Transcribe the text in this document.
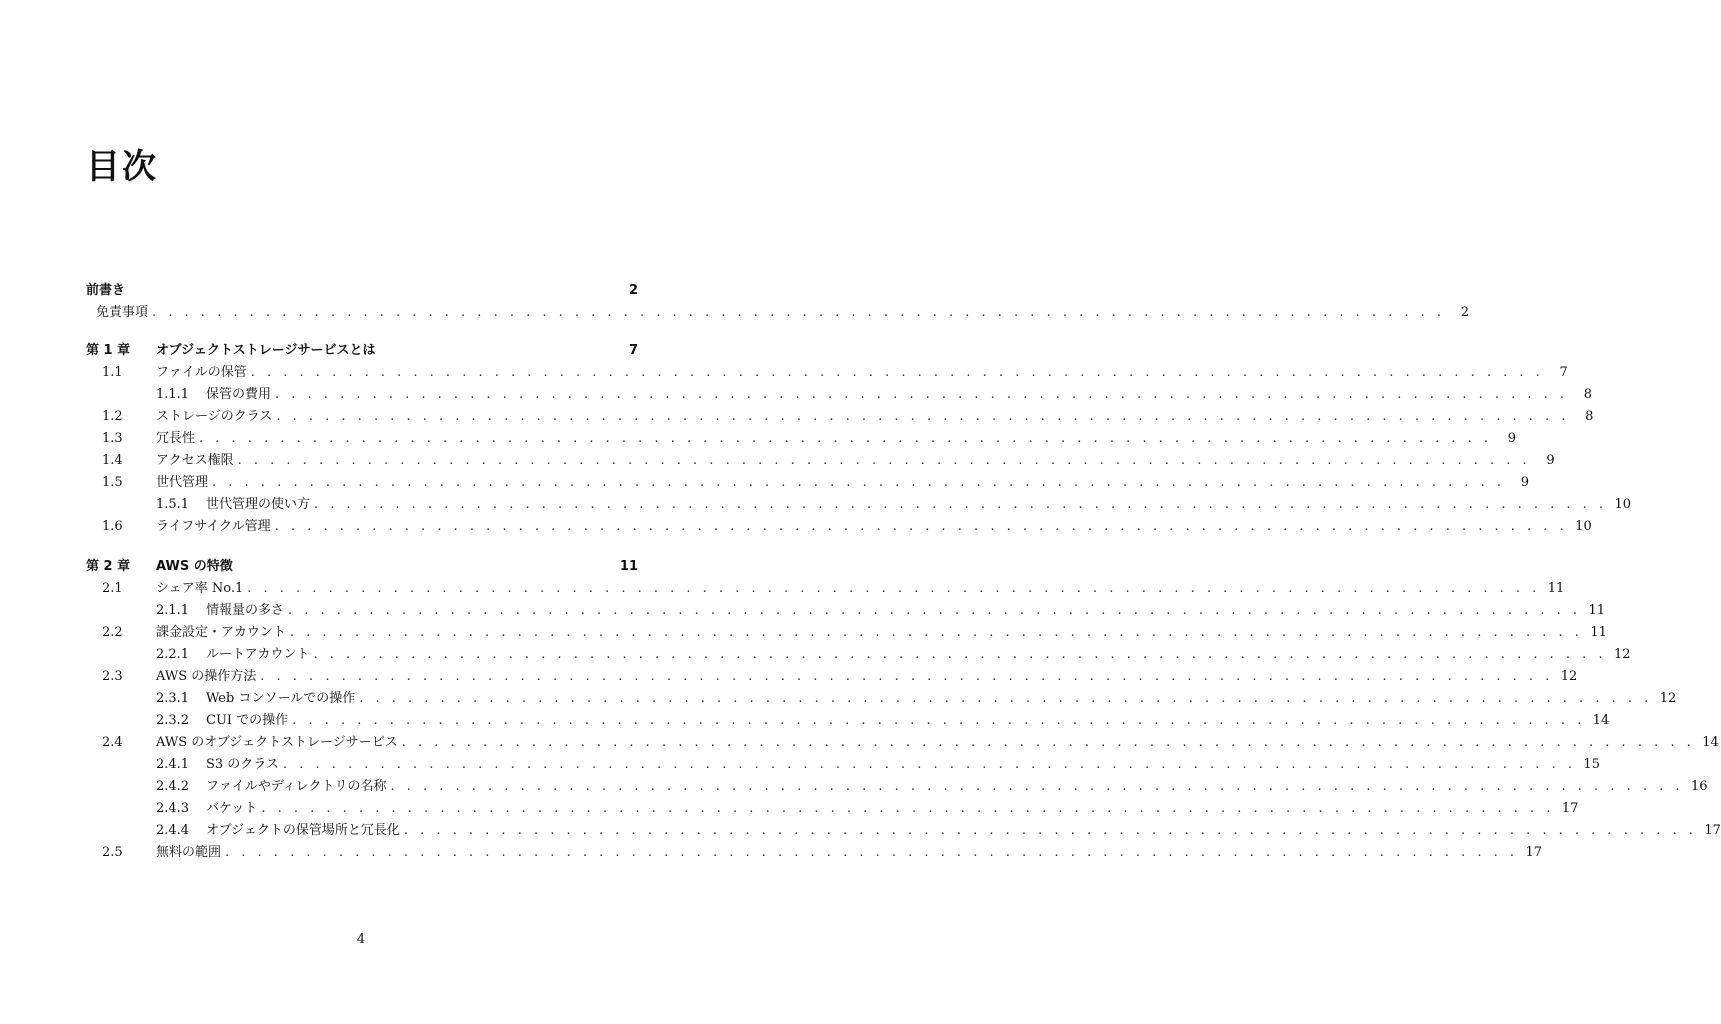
目次
前書き	2
免責事項 . . . . . . . . . . . . . . . . . . . . . . . . . . . . . . . . . . . . . . . . . . . . . . . . . . . . . . . . . . . . . . . . . . . . . . . . . . . . . . . .	2
第 1 章	オブジェクトストレージサービスとは	7
1.1	ファイルの保管 . . . . . . . . . . . . . . . . . . . . . . . . . . . . . . . . . . . . . . . . . . . . . . . . . . . . . . . . . . . . . . . . . . . . . . . . . . . . . . . .	7
1.1.1	保管の費用 . . . . . . . . . . . . . . . . . . . . . . . . . . . . . . . . . . . . . . . . . . . . . . . . . . . . . . . . . . . . . . . . . . . . . . . . . . . . . . . .	8
1.2	ストレージのクラス . . . . . . . . . . . . . . . . . . . . . . . . . . . . . . . . . . . . . . . . . . . . . . . . . . . . . . . . . . . . . . . . . . . . . . . . . . . . . . . .	8
1.3	冗長性 . . . . . . . . . . . . . . . . . . . . . . . . . . . . . . . . . . . . . . . . . . . . . . . . . . . . . . . . . . . . . . . . . . . . . . . . . . . . . . . .	9
1.4	アクセス権限 . . . . . . . . . . . . . . . . . . . . . . . . . . . . . . . . . . . . . . . . . . . . . . . . . . . . . . . . . . . . . . . . . . . . . . . . . . . . . . . .	9
1.5	世代管理 . . . . . . . . . . . . . . . . . . . . . . . . . . . . . . . . . . . . . . . . . . . . . . . . . . . . . . . . . . . . . . . . . . . . . . . . . . . . . . . .	9
1.5.1	世代管理の使い方 . . . . . . . . . . . . . . . . . . . . . . . . . . . . . . . . . . . . . . . . . . . . . . . . . . . . . . . . . . . . . . . . . . . . . . . . . . . . . . . . 10
1.6	ライフサイクル管理 . . . . . . . . . . . . . . . . . . . . . . . . . . . . . . . . . . . . . . . . . . . . . . . . . . . . . . . . . . . . . . . . . . . . . . . . . . . . . . . . 10
第 2 章	AWS の特徴	11
2.1	シェア率 No.1 . . . . . . . . . . . . . . . . . . . . . . . . . . . . . . . . . . . . . . . . . . . . . . . . . . . . . . . . . . . . . . . . . . . . . . . . . . . . . . . . 11
2.1.1	情報量の多さ . . . . . . . . . . . . . . . . . . . . . . . . . . . . . . . . . . . . . . . . . . . . . . . . . . . . . . . . . . . . . . . . . . . . . . . . . . . . . . . . 11
2.2	課金設定・アカウント . . . . . . . . . . . . . . . . . . . . . . . . . . . . . . . . . . . . . . . . . . . . . . . . . . . . . . . . . . . . . . . . . . . . . . . . . . . . . . . . 11
2.2.1	ルートアカウント . . . . . . . . . . . . . . . . . . . . . . . . . . . . . . . . . . . . . . . . . . . . . . . . . . . . . . . . . . . . . . . . . . . . . . . . . . . . . . . . 12
2.3	AWS の操作方法 . . . . . . . . . . . . . . . . . . . . . . . . . . . . . . . . . . . . . . . . . . . . . . . . . . . . . . . . . . . . . . . . . . . . . . . . . . . . . . . . 12
2.3.1	Web コンソールでの操作 . . . . . . . . . . . . . . . . . . . . . . . . . . . . . . . . . . . . . . . . . . . . . . . . . . . . . . . . . . . . . . . . . . . . . . . . . . . . . . . . 12
2.3.2	CUI での操作 . . . . . . . . . . . . . . . . . . . . . . . . . . . . . . . . . . . . . . . . . . . . . . . . . . . . . . . . . . . . . . . . . . . . . . . . . . . . . . . . 14
2.4	AWS のオブジェクトストレージサービス . . . . . . . . . . . . . . . . . . . . . . . . . . . . . . . . . . . . . . . . . . . . . . . . . . . . . . . . . . . . . . . . . . . . . . . . . . . . . . . . 14
2.4.1	S3 のクラス . . . . . . . . . . . . . . . . . . . . . . . . . . . . . . . . . . . . . . . . . . . . . . . . . . . . . . . . . . . . . . . . . . . . . . . . . . . . . . . . 15
2.4.2	ファイルやディレクトリの名称 . . . . . . . . . . . . . . . . . . . . . . . . . . . . . . . . . . . . . . . . . . . . . . . . . . . . . . . . . . . . . . . . . . . . . . . . . . . . . . . . 16
2.4.3	バケット . . . . . . . . . . . . . . . . . . . . . . . . . . . . . . . . . . . . . . . . . . . . . . . . . . . . . . . . . . . . . . . . . . . . . . . . . . . . . . . . 17
2.4.4	オブジェクトの保管場所と冗長化 . . . . . . . . . . . . . . . . . . . . . . . . . . . . . . . . . . . . . . . . . . . . . . . . . . . . . . . . . . . . . . . . . . . . . . . . . . . . . . . . 17
2.5	無料の範囲 . . . . . . . . . . . . . . . . . . . . . . . . . . . . . . . . . . . . . . . . . . . . . . . . . . . . . . . . . . . . . . . . . . . . . . . . . . . . . . . . 17
4
